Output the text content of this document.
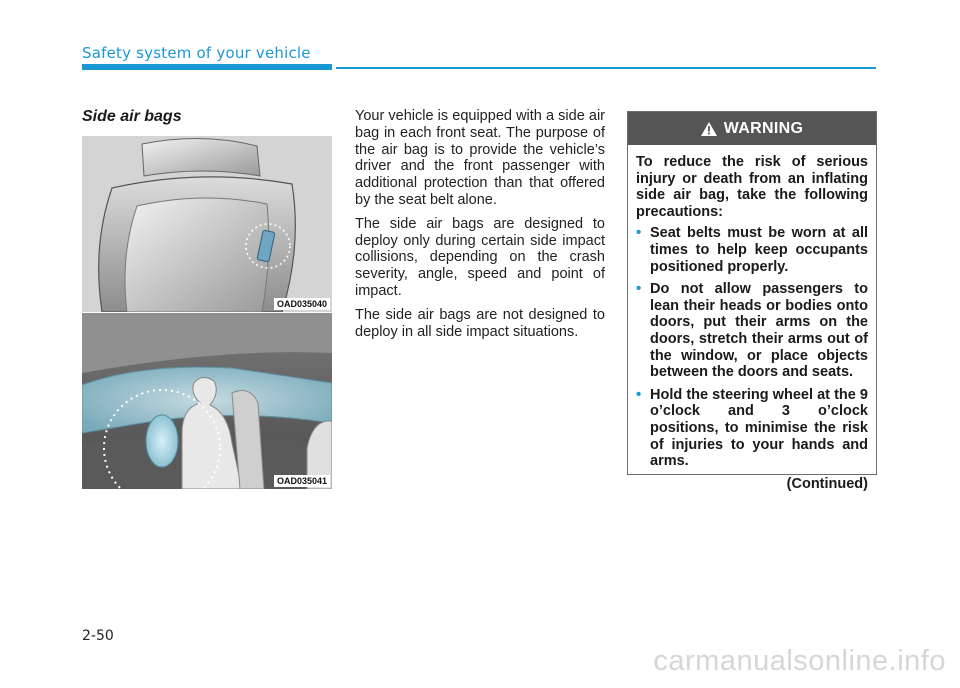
Safety system of your vehicle
Side air bags
OAD035040
OAD035041

Your vehicle is equipped with a side air bag in each front seat. The purpose of the air bag is to provide the vehicle’s driver and the front passenger with additional protection than that offered by the seat belt alone.

The side air bags are designed to deploy only during certain side impact collisions, depending on the crash severity, angle, speed and point of impact.

The side air bags are not designed to deploy in all side impact situations.

WARNING

To reduce the risk of serious injury or death from an inflating side air bag, take the following precautions:

• Seat belts must be worn at all times to help keep occupants positioned properly.
• Do not allow passengers to lean their heads or bodies onto doors, put their arms on the doors, stretch their arms out of the window, or place objects between the doors and seats.
• Hold the steering wheel at the 9 o’clock and 3 o’clock positions, to minimise the risk of injuries to your hands and arms.
(Continued)
2-50
carmanualsonline.info
